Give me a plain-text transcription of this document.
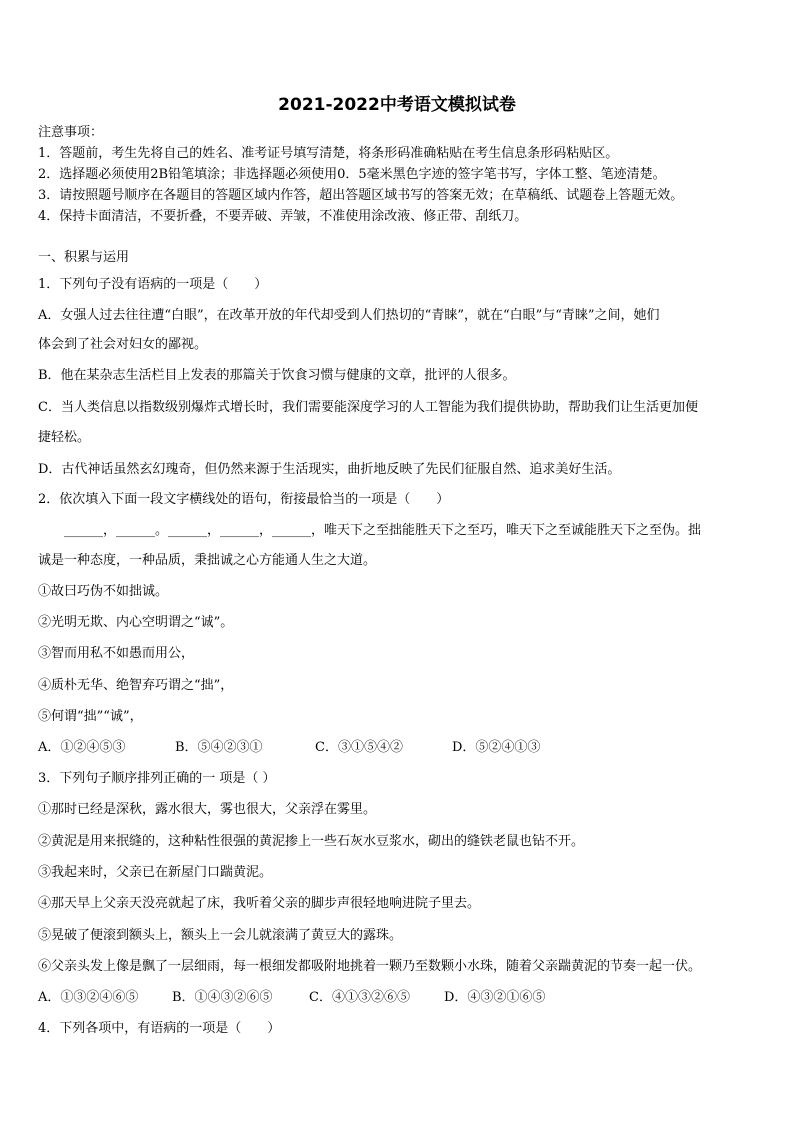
2021-2022中考语文模拟试卷
注意事项：
1．答题前，考生先将自己的姓名、准考证号填写清楚，将条形码准确粘贴在考生信息条形码粘贴区。
2．选择题必须使用2B铅笔填涂；非选择题必须使用0．5毫米黑色字迹的签字笔书写，字体工整、笔迹清楚。
3．请按照题号顺序在各题目的答题区域内作答，超出答题区域书写的答案无效；在草稿纸、试题卷上答题无效。
4．保持卡面清洁，不要折叠，不要弄破、弄皱，不准使用涂改液、修正带、刮纸刀。
一、积累与运用
1．下列句子没有语病的一项是（　　）
A．女强人过去往往遭“白眼”，在改革开放的年代却受到人们热切的“青睐”，就在“白眼”与“青睐”之间，她们
体会到了社会对妇女的鄙视。
B．他在某杂志生活栏目上发表的那篇关于饮食习惯与健康的文章，批评的人很多。
C．当人类信息以指数级别爆炸式增长时，我们需要能深度学习的人工智能为我们提供协助，帮助我们让生活更加便
捷轻松。
D．古代神话虽然玄幻瑰奇，但仍然来源于生活现实，曲折地反映了先民们征服自然、追求美好生活。
2．依次填入下面一段文字横线处的语句，衔接最恰当的一项是（　　）
______，______。______，______，______，唯天下之至拙能胜天下之至巧，唯天下之至诚能胜天下之至伪。拙
诚是一种态度，一种品质，秉拙诚之心方能通人生之大道。
①故曰巧伪不如拙诚。
②光明无欺、内心空明谓之“诚”。
③智而用私不如愚而用公，
④质朴无华、绝智弃巧谓之“拙”，
⑤何谓“拙”“诚”，
A．①②④⑤③	B．⑤④②③①	C．③①⑤④②	D．⑤②④①③
3．下列句子顺序排列正确的一 项是（ ）
①那时已经是深秋，露水很大，雾也很大，父亲浮在雾里。
②黄泥是用来抿缝的，这种粘性很强的黄泥掺上一些石灰水豆浆水，砌出的缝铁老鼠也钻不开。
③我起来时，父亲已在新屋门口踹黄泥。
④那天早上父亲天没亮就起了床，我听着父亲的脚步声很轻地响进院子里去。
⑤晃破了便滚到额头上，额头上一会儿就滚满了黄豆大的露珠。
⑥父亲头发上像是飘了一层细雨，每一根细发都吸附地挑着一颗乃至数颗小水珠，随着父亲踹黄泥的节奏一起一伏。
A．①③②④⑥⑤	B．①④③②⑥⑤	C．④①③②⑥⑤	D．④③②①⑥⑤
4．下列各项中，有语病的一项是（　　）
